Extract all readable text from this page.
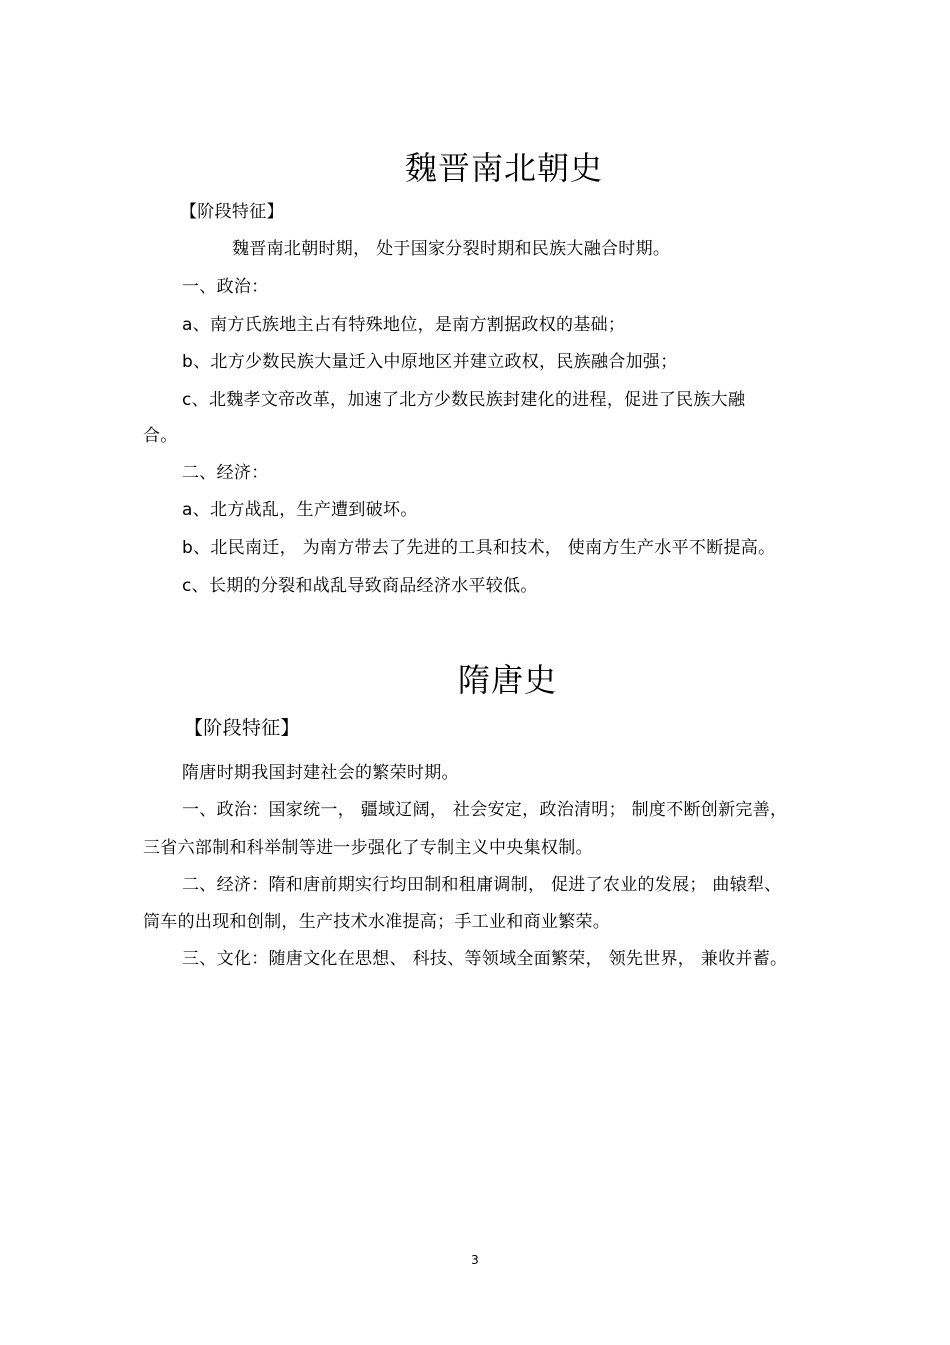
魏晋南北朝史
【阶段特征】
魏晋南北朝时期， 处于国家分裂时期和民族大融合时期。
一、政治：
a、南方氏族地主占有特殊地位，是南方割据政权的基础；
b、北方少数民族大量迁入中原地区并建立政权，民族融合加强；
c、北魏孝文帝改革，加速了北方少数民族封建化的进程，促进了民族大融
合。
二、经济：
a、北方战乱，生产遭到破坏。
b、北民南迁， 为南方带去了先进的工具和技术， 使南方生产水平不断提高。
c、长期的分裂和战乱导致商品经济水平较低。
隋唐史
【阶段特征】
隋唐时期我国封建社会的繁荣时期。
一、政治：国家统一， 疆域辽阔， 社会安定，政治清明； 制度不断创新完善，
三省六部制和科举制等进一步强化了专制主义中央集权制。
二、经济：隋和唐前期实行均田制和租庸调制， 促进了农业的发展； 曲辕犁、
筒车的出现和创制，生产技术水准提高；手工业和商业繁荣。
三、文化：随唐文化在思想、 科技、等领域全面繁荣， 领先世界， 兼收并蓄。
3
